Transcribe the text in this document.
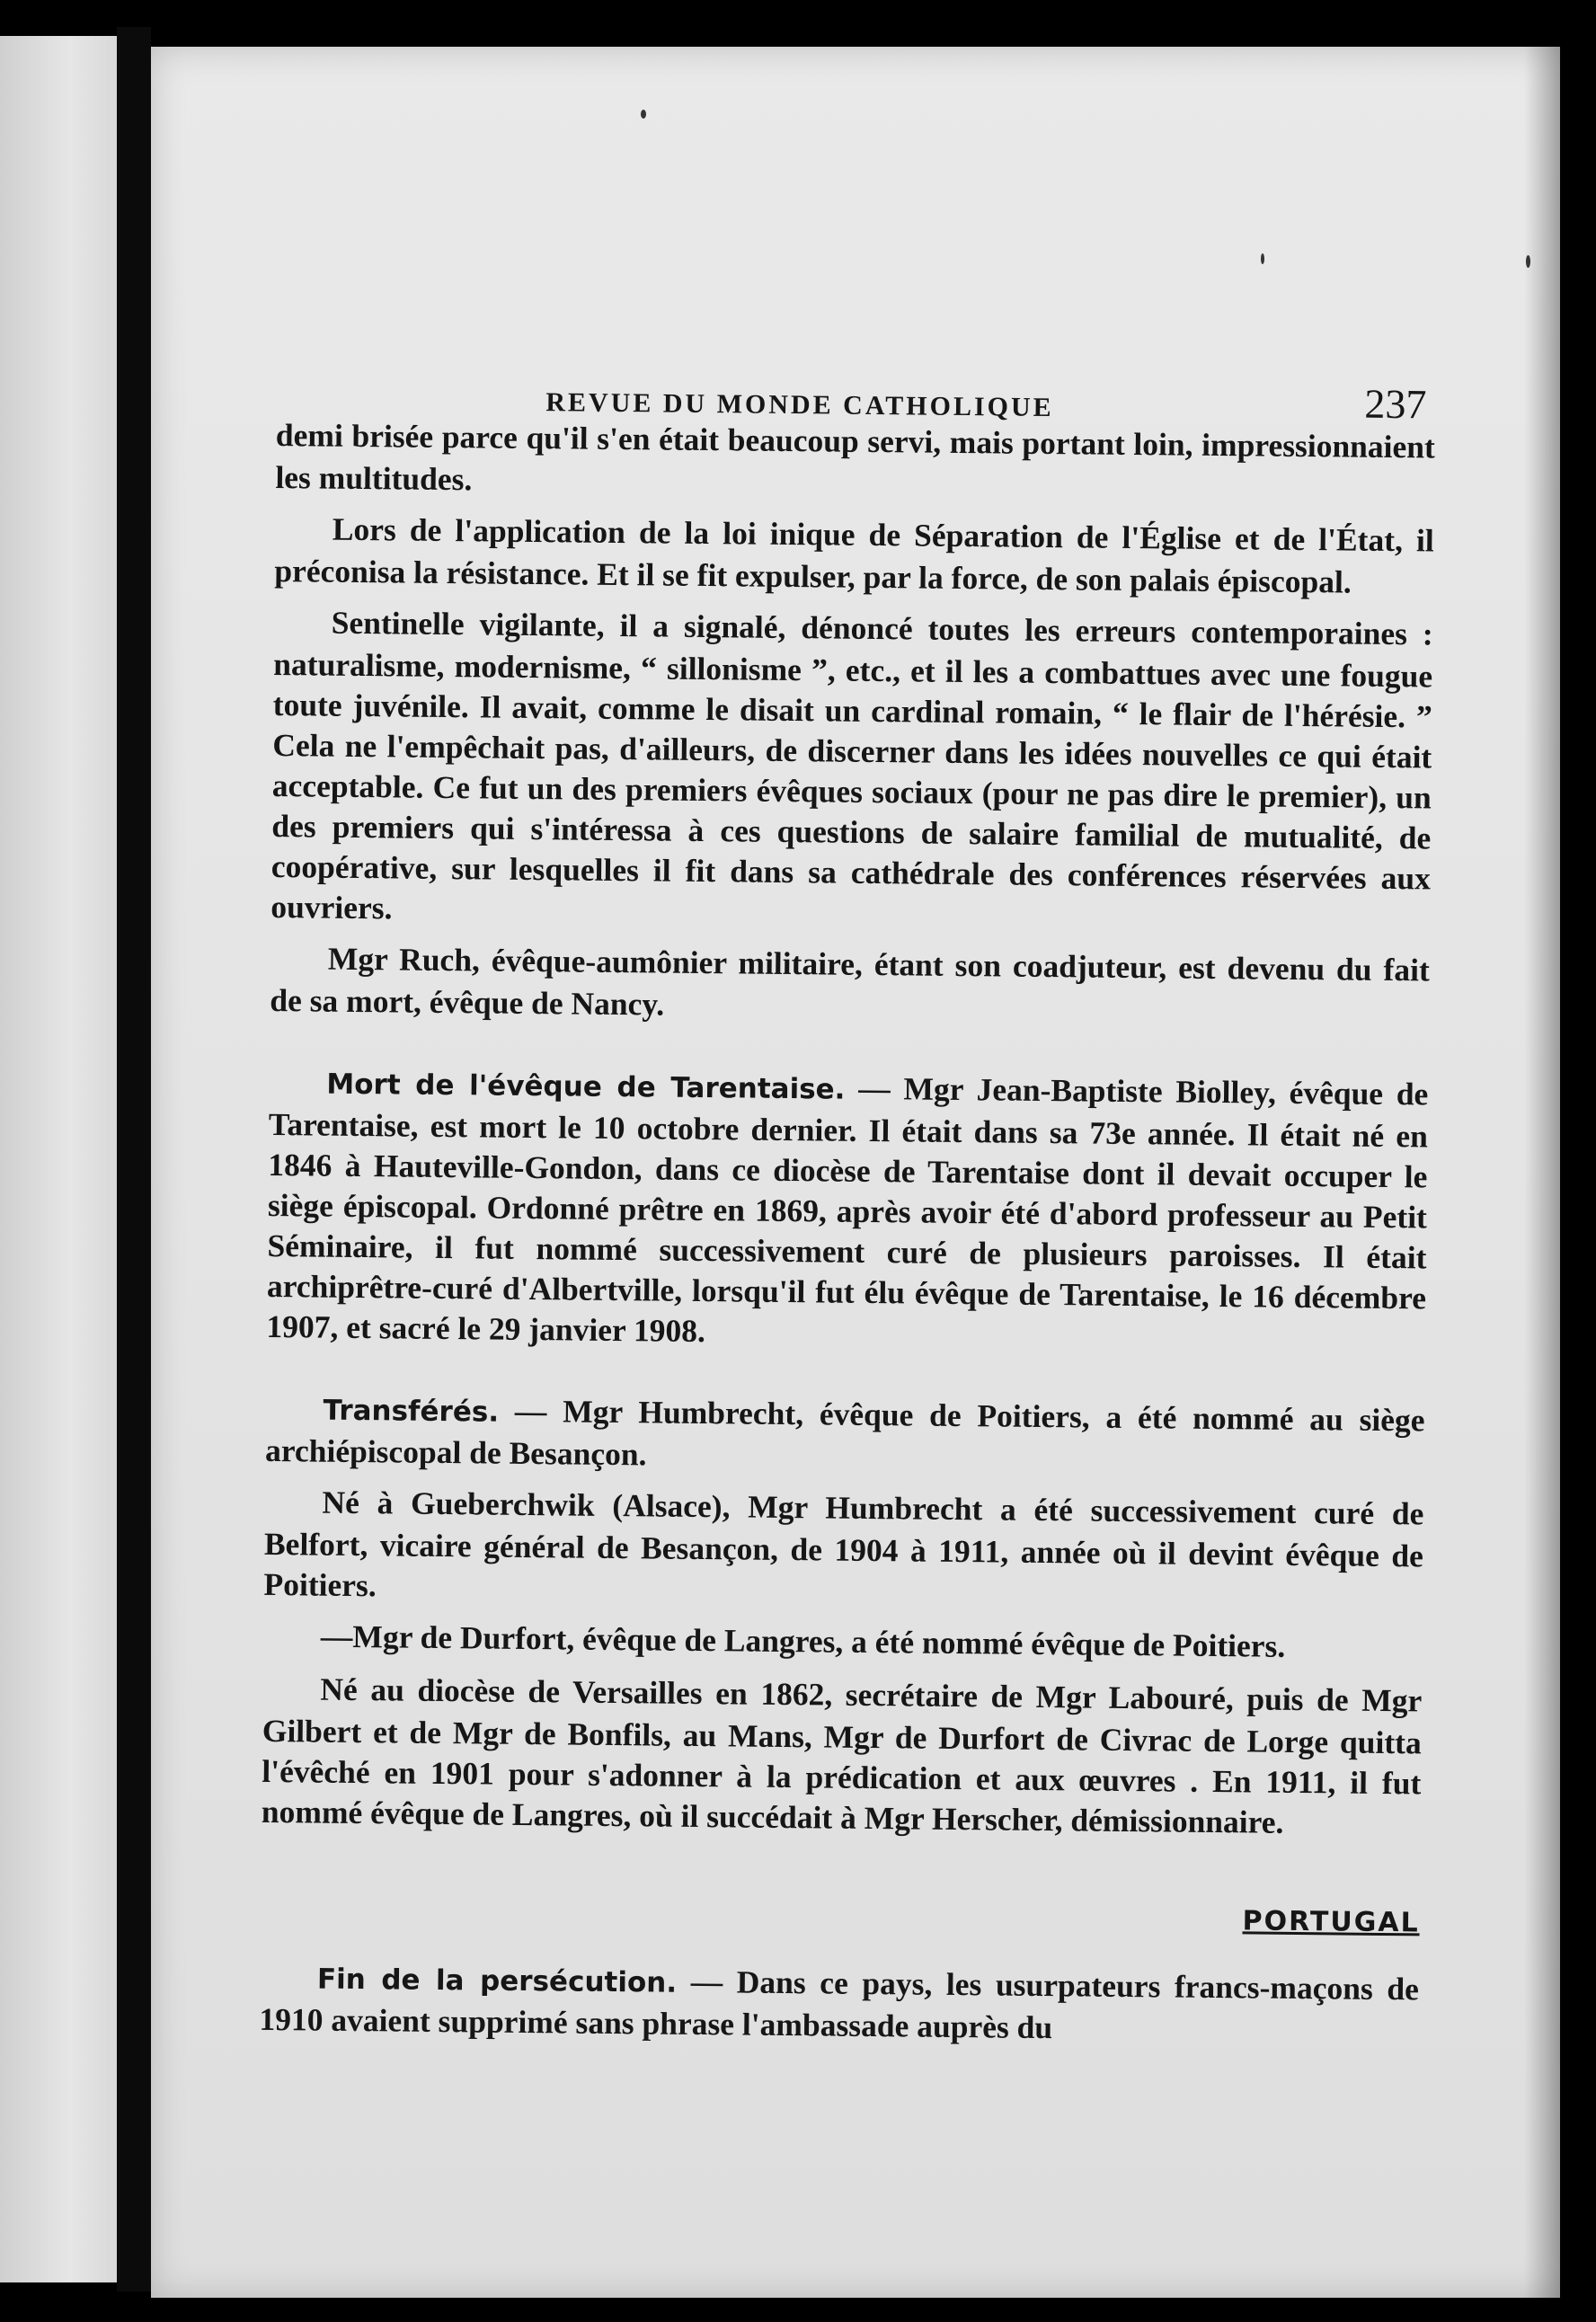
REVUE DU MONDE CATHOLIQUE	237

demi brisée parce qu'il s'en était beaucoup servi, mais portant loin, impressionnaient les multitudes.

Lors de l'application de la loi inique de Séparation de l'Église et de l'État, il préconisa la résistance. Et il se fit expulser, par la force, de son palais épiscopal.

Sentinelle vigilante, il a signalé, dénoncé toutes les erreurs contemporaines : naturalisme, modernisme, “ sillonisme ”, etc., et il les a combattues avec une fougue toute juvénile. Il avait, comme le disait un cardinal romain, “ le flair de l'hérésie. ” Cela ne l'empêchait pas, d'ailleurs, de discerner dans les idées nouvelles ce qui était acceptable. Ce fut un des premiers évêques sociaux (pour ne pas dire le premier), un des premiers qui s'intéressa à ces questions de salaire familial de mutualité, de coopérative, sur lesquelles il fit dans sa cathédrale des conférences réservées aux ouvriers.

Mgr Ruch, évêque-aumônier militaire, étant son coadjuteur, est devenu du fait de sa mort, évêque de Nancy.

Mort de l'évêque de Tarentaise. — Mgr Jean-Baptiste Biolley, évêque de Tarentaise, est mort le 10 octobre dernier. Il était dans sa 73e année. Il était né en 1846 à Hauteville-Gondon, dans ce diocèse de Tarentaise dont il devait occuper le siège épiscopal. Ordonné prêtre en 1869, après avoir été d'abord professeur au Petit Séminaire, il fut nommé successivement curé de plusieurs paroisses. Il était archiprêtre-curé d'Albertville, lorsqu'il fut élu évêque de Tarentaise, le 16 décembre 1907, et sacré le 29 janvier 1908.

Transférés. — Mgr Humbrecht, évêque de Poitiers, a été nommé au siège archiépiscopal de Besançon.

Né à Gueberchwik (Alsace), Mgr Humbrecht a été successivement curé de Belfort, vicaire général de Besançon, de 1904 à 1911, année où il devint évêque de Poitiers.

—Mgr de Durfort, évêque de Langres, a été nommé évêque de Poitiers.

Né au diocèse de Versailles en 1862, secrétaire de Mgr Labouré, puis de Mgr Gilbert et de Mgr de Bonfils, au Mans, Mgr de Durfort de Civrac de Lorge quitta l'évêché en 1901 pour s'adonner à la prédication et aux œuvres . En 1911, il fut nommé évêque de Langres, où il succédait à Mgr Herscher, démissionnaire.

PORTUGAL

Fin de la persécution. — Dans ce pays, les usurpateurs francs-maçons de 1910 avaient supprimé sans phrase l'ambassade auprès du
